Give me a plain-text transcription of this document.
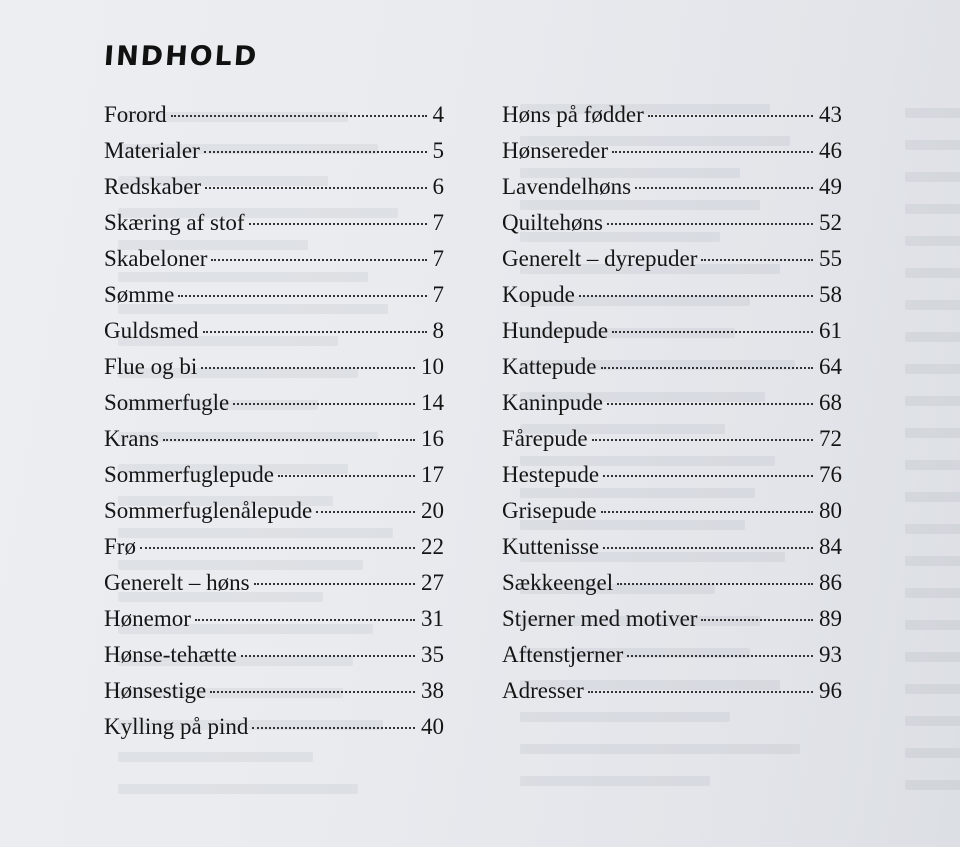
INDHOLD
Forord	4
Materialer	5
Redskaber	6
Skæring af stof	7
Skabeloner	7
Sømme	7
Guldsmed	8
Flue og bi	10
Sommerfugle	14
Krans	16
Sommerfuglepude	17
Sommerfuglenålepude	20
Frø	22
Generelt – høns	27
Hønemor	31
Hønse-tehætte	35
Hønsestige	38
Kylling på pind	40
Høns på fødder	43
Hønsereder	46
Lavendelhøns	49
Quiltehøns	52
Generelt – dyrepuder	55
Kopude	58
Hundepude	61
Kattepude	64
Kaninpude	68
Fårepude	72
Hestepude	76
Grisepude	80
Kuttenisse	84
Sækkeengel	86
Stjerner med motiver	89
Aftenstjerner	93
Adresser	96
